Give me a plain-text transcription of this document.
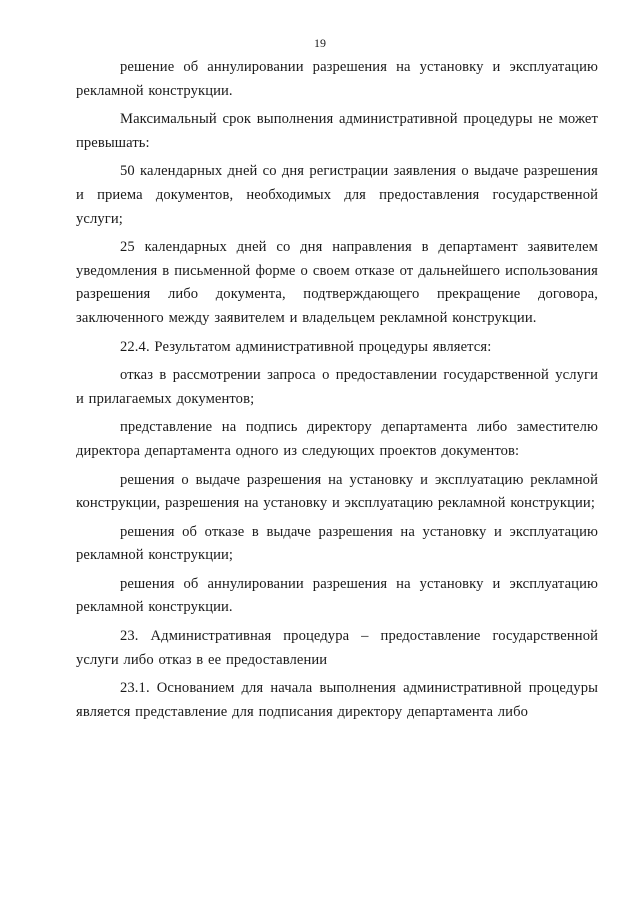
19

решение об аннулировании разрешения на установку и эксплуатацию рекламной конструкции.

Максимальный срок выполнения административной процедуры не может превышать:

50 календарных дней со дня регистрации заявления о выдаче разрешения и приема документов, необходимых для предоставления государственной услуги;

25 календарных дней со дня направления в департамент заявителем уведомления в письменной форме о своем отказе от дальнейшего использования разрешения либо документа, подтверждающего прекращение договора, заключенного между заявителем и владельцем рекламной конструкции.

22.4. Результатом административной процедуры является:

отказ в рассмотрении запроса о предоставлении государственной услуги и прилагаемых документов;

представление на подпись директору департамента либо заместителю директора департамента одного из следующих проектов документов:

решения о выдаче разрешения на установку и эксплуатацию рекламной конструкции, разрешения на установку и эксплуатацию рекламной конструкции;

решения об отказе в выдаче разрешения на установку и эксплуатацию рекламной конструкции;

решения об аннулировании разрешения на установку и эксплуатацию рекламной конструкции.

23. Административная процедура – предоставление государственной услуги либо отказ в ее предоставлении

23.1. Основанием для начала выполнения административной процедуры является представление для подписания директору департамента либо
